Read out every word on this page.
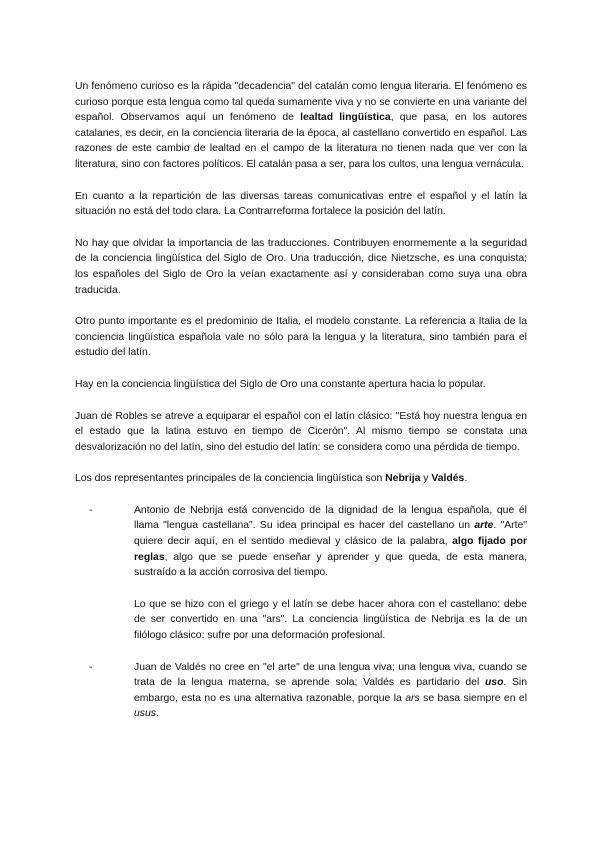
Un fenómeno curioso es la rápida "decadencia" del catalán como lengua literaria. El fenómeno es curioso porque esta lengua como tal queda sumamente viva y no se convierte en una variante del español. Observamos aquí un fenómeno de lealtad lingüística, que pasa, en los autores catalanes, es decir, en la conciencia literaria de la época, al castellano convertido en español. Las razones de este cambio de lealtad en el campo de la literatura no tienen nada que ver con la literatura, sino con factores políticos. El catalán pasa a ser, para los cultos, una lengua vernácula.

En cuanto a la repartición de las diversas tareas comunicativas entre el español y el latín la situación no está del todo clara. La Contrarreforma fortalece la posición del latín.

No hay que olvidar la importancia de las traducciones. Contribuyen enormemente a la seguridad de la conciencia lingüística del Siglo de Oro. Una traducción, dice Nietzsche, es una conquista; los españoles del Siglo de Oro la veían exactamente así y consideraban como suya una obra traducida.

Otro punto importante es el predominio de Italia, el modelo constante. La referencia a Italia de la conciencia lingüística española vale no sólo para la lengua y la literatura, sino también para el estudio del latín.

Hay en la conciencia lingüística del Siglo de Oro una constante apertura hacia lo popular.

Juan de Robles se atreve a equiparar el español con el latín clásico: "Está hoy nuestra lengua en el estado que la latina estuvo en tiempo de Cicerón". Al mismo tiempo se constata una desvalorización no del latín, sino del estudio del latín: se considera como una pérdida de tiempo.

Los dos representantes principales de la conciencia lingüística son Nebrija y Valdés.

-	Antonio de Nebrija está convencido de la dignidad de la lengua española, que él llama "lengua castellana". Su idea principal es hacer del castellano un arte. "Arte" quiere decir aquí, en el sentido medieval y clásico de la palabra, algo fijado por reglas, algo que se puede enseñar y aprender y que queda, de esta manera, sustraído a la acción corrosiva del tiempo.

Lo que se hizo con el griego y el latín se debe hacer ahora con el castellano: debe de ser convertido en una "ars". La conciencia lingüística de Nebrija es la de un filólogo clásico: sufre por una deformación profesional.

-	Juan de Valdés no cree en "el arte" de una lengua viva; una lengua viva, cuando se trata de la lengua materna, se aprende sola; Valdés es partidario del uso. Sin embargo, esta no es una alternativa razonable, porque la ars se basa siempre en el usus.
